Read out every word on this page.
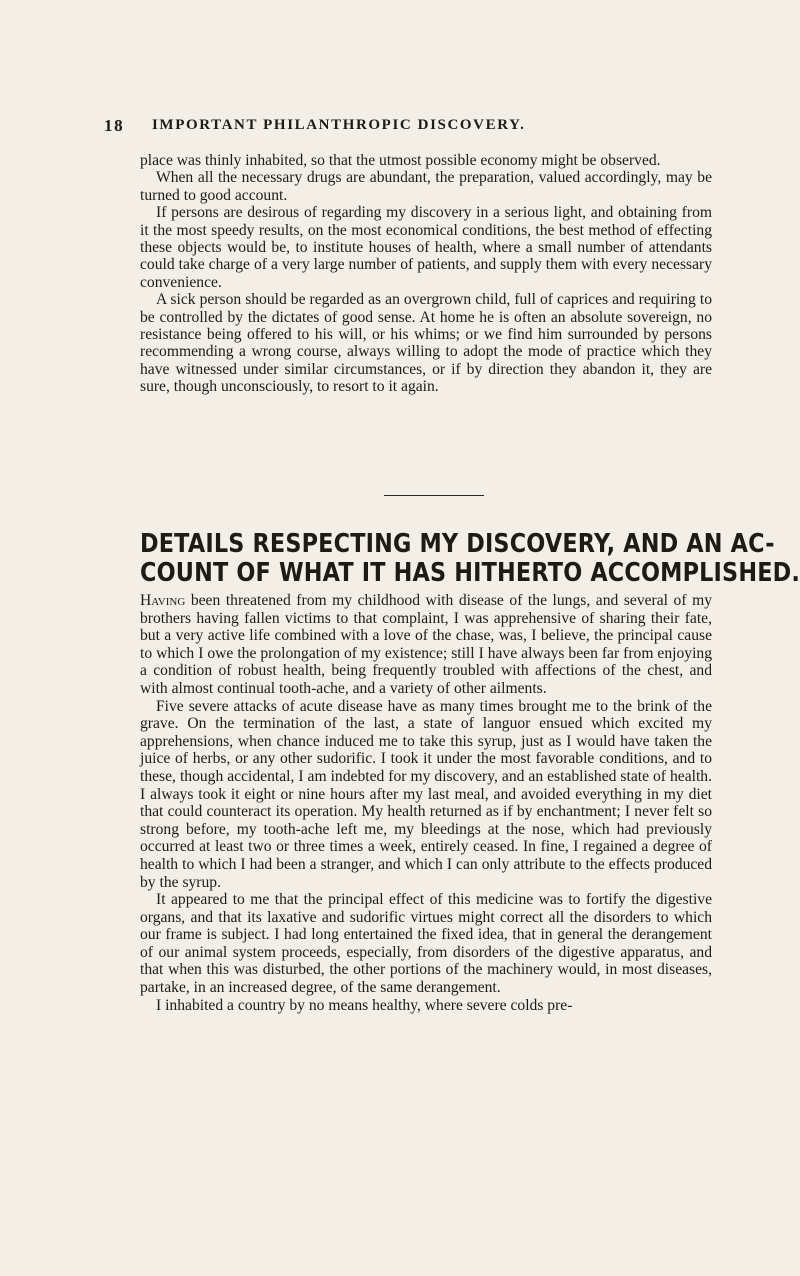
18 IMPORTANT PHILANTHROPIC DISCOVERY.

place was thinly inhabited, so that the utmost possible economy might be observed.

When all the necessary drugs are abundant, the preparation, valued accordingly, may be turned to good account.

If persons are desirous of regarding my discovery in a serious light, and obtaining from it the most speedy results, on the most economical conditions, the best method of effecting these objects would be, to institute houses of health, where a small number of attendants could take charge of a very large number of patients, and supply them with every necessary convenience.

A sick person should be regarded as an overgrown child, full of caprices and requiring to be controlled by the dictates of good sense. At home he is often an absolute sovereign, no resistance being offered to his will, or his whims; or we find him surrounded by persons recommending a wrong course, always willing to adopt the mode of practice which they have witnessed under similar circumstances, or if by direction they abandon it, they are sure, though unconsciously, to resort to it again.

DETAILS RESPECTING MY DISCOVERY, AND AN AC-
COUNT OF WHAT IT HAS HITHERTO ACCOMPLISHED.

Having been threatened from my childhood with disease of the lungs, and several of my brothers having fallen victims to that complaint, I was apprehensive of sharing their fate, but a very active life combined with a love of the chase, was, I believe, the principal cause to which I owe the prolongation of my existence; still I have always been far from enjoying a condition of robust health, being frequently troubled with affections of the chest, and with almost continual tooth-ache, and a variety of other ailments.

Five severe attacks of acute disease have as many times brought me to the brink of the grave. On the termination of the last, a state of languor ensued which excited my apprehensions, when chance induced me to take this syrup, just as I would have taken the juice of herbs, or any other sudorific. I took it under the most favorable conditions, and to these, though accidental, I am indebted for my discovery, and an established state of health. I always took it eight or nine hours after my last meal, and avoided everything in my diet that could counteract its operation. My health returned as if by enchantment; I never felt so strong before, my tooth-ache left me, my bleedings at the nose, which had previously occurred at least two or three times a week, entirely ceased. In fine, I regained a degree of health to which I had been a stranger, and which I can only attribute to the effects produced by the syrup.

It appeared to me that the principal effect of this medicine was to fortify the digestive organs, and that its laxative and sudorific virtues might correct all the disorders to which our frame is subject. I had long entertained the fixed idea, that in general the derangement of our animal system proceeds, especially, from disorders of the digestive apparatus, and that when this was disturbed, the other portions of the machinery would, in most diseases, partake, in an increased degree, of the same derangement.

I inhabited a country by no means healthy, where severe colds pre-
